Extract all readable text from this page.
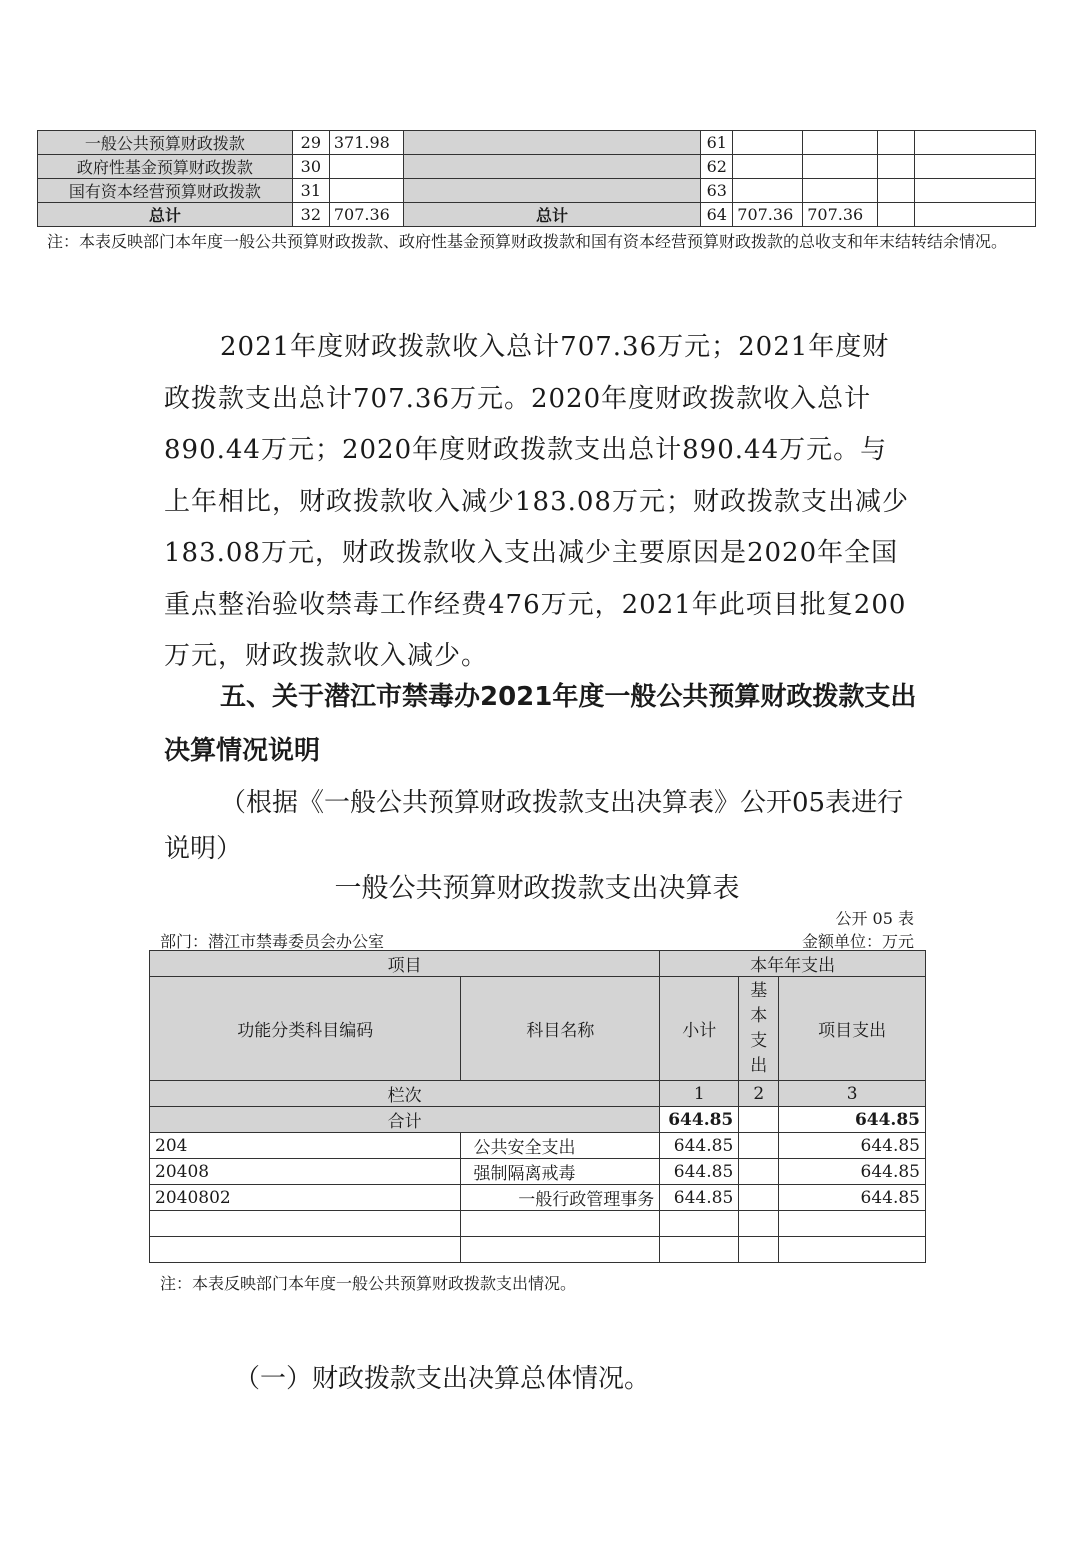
一般公共预算财政拨款	29	371.98		61				
政府性基金预算财政拨款	30			62				
国有资本经营预算财政拨款	31			63				
总计	32	707.36	总计	64	707.36	707.36		
注：本表反映部门本年度一般公共预算财政拨款、政府性基金预算财政拨款和国有资本经营预算财政拨款的总收支和年末结转结余情况。

2021年度财政拨款收入总计707.36万元；2021年度财政拨款支出总计707.36万元。2020年度财政拨款收入总计890.44万元；2020年度财政拨款支出总计890.44万元。与上年相比，财政拨款收入减少183.08万元；财政拨款支出减少183.08万元，财政拨款收入支出减少主要原因是2020年全国重点整治验收禁毒工作经费476万元，2021年此项目批复200万元，财政拨款收入减少。

五、关于潜江市禁毒办2021年度一般公共预算财政拨款支出决算情况说明

（根据《一般公共预算财政拨款支出决算表》公开05表进行说明）

一般公共预算财政拨款支出决算表
公开 05 表
部门：潜江市禁毒委员会办公室	金额单位：万元
项目		本年年支出		
功能分类科目编码	科目名称	小计	基本支出	项目支出
栏次		1	2	3
合计		644.85		644.85
204	公共安全支出	644.85		644.85
20408	强制隔离戒毒	644.85		644.85
2040802	一般行政管理事务	644.85		644.85

注：本表反映部门本年度一般公共预算财政拨款支出情况。
（一）财政拨款支出决算总体情况。
